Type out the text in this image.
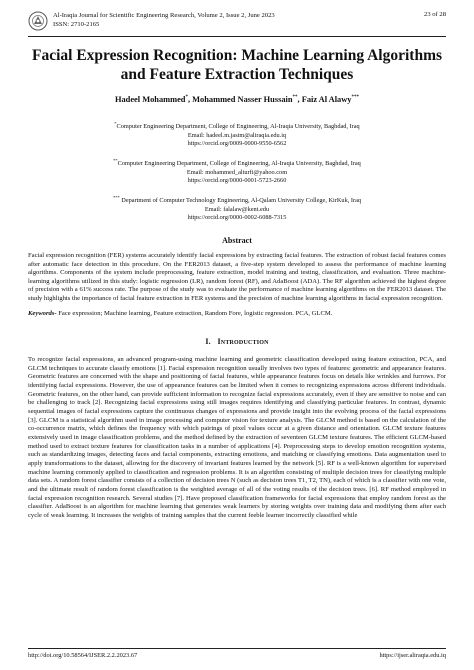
Al-Iraqia Journal for Scientific Engineering Research, Volume 2, Issue 2, June 2023
ISSN: 2710-2165
23 of 28
Facial Expression Recognition: Machine Learning Algorithms and Feature Extraction Techniques
Hadeel Mohammed*, Mohammed Nasser Hussain**, Faiz Al Alawy***
*Computer Engineering Department, College of Engineering, Al-Iraqia University, Baghdad, Iraq
Email: hadeel.m.jasim@aliraqia.edu.iq
https://orcid.org/0009-0000-9550-6562
**Computer Engineering Department, College of Engineering, Al-Iraqia University, Baghdad, Iraq
Email: mohammed_alturfi@yahoo.com
https://orcid.org/0000-0001-5723-2660
*** Department of Computer Technology Engineering, Al-Qalam University College, KirKuk, Iraq
Email: falalaw@kent.edu
https://orcid.org/0000-0002-6088-7315
Abstract
Facial expression recognition (FER) systems accurately identify facial expressions by extracting facial features. The extraction of robust facial features comes after automatic face detection in this procedure. On the FER2013 dataset, a five-step system developed to assess the performance of machine learning algorithms. Components of the system include preprocessing, feature extraction, model training and testing, classification, and evaluation. Three machine-learning algorithms utilized in this study: logistic regression (LR), random forest (RF), and AdaBoost (ADA). The RF algorithm achieved the highest degree of precision with a 61% success rate. The purpose of the study was to evaluate the performance of machine learning algorithms on the FER2013 dataset. The study highlights the importance of facial feature extraction in FER systems and the precision of machine learning algorithms in facial expression recognition.
Keywords- Face expression; Machine learning, Feature extraction, Random Fore, logistic regression. PCA, GLCM.
I. Introduction
To recognize facial expressions, an advanced program-using machine learning and geometric classification developed using feature extraction, PCA, and GLCM techniques to accurate classify emotions [1]. Facial expression recognition usually involves two types of features: geometric and appearance features. Geometric features are concerned with the shape and positioning of facial features, while appearance features focus on details like wrinkles and furrows. For identifying facial expressions. However, the use of appearance features can be limited when it comes to recognizing expressions across different individuals. Geometric features, on the other hand, can provide sufficient information to recognize facial expressions accurately, even if they are sensitive to noise and can be challenging to track [2]. Recognizing facial expressions using still images requires identifying and classifying particular features. In contrast, dynamic sequential images of facial expressions capture the continuous changes of expressions and provide insight into the evolving process of the facial expressions [3]. GLCM is a statistical algorithm used in image processing and computer vision for texture analysis. The GLCM method is based on the calculation of the co-occurrence matrix, which defines the frequency with which pairings of pixel values occur at a given distance and orientation. GLCM texture features extensively used in image classification problems, and the method defined by the extraction of seventeen GLCM texture features. The efficient GLCM-based method used to extract texture features for classification tasks in a number of applications [4]. Preprocessing steps to develop emotion recognition systems, such as standardizing images, detecting faces and facial components, extracting emotions, and matching or classifying emotions. Data augmentation used to apply transformations to the dataset, allowing for the discovery of invariant features learned by the network [5]. RF is a well-known algorithm for supervised machine learning commonly applied to classification and regression problems. It is an algorithm consisting of multiple decision trees for classifying multiple data sets. A random forest classifier consists of a collection of decision trees N (such as decision trees T1, T2, TN), each of which is a classifier with one vote, and the ultimate result of random forest classification is the weighted average of all of the voting results of the decision trees. [6]. RF method employed in facial expression recognition research. Several studies [7]. Have proposed classification frameworks for facial expressions that employ random forest as the classifier. AdaBoost is an algorithm for machine learning that generates weak learners by storing weights over training data and modifying them after each cycle of weak learning. It increases the weights of training samples that the current feeble learner incorrectly classified while
http://doi.org/10.58564/IJSER.2.2.2023.67	https://ijser.aliraqia.edu.iq
